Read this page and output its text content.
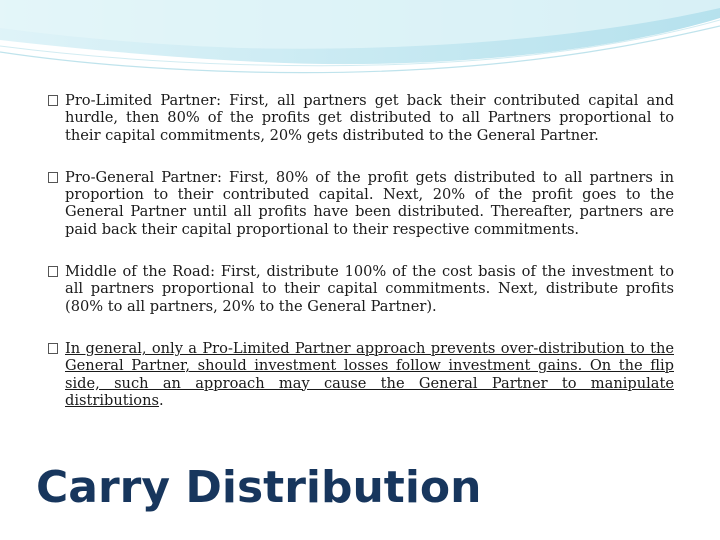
Pro-Limited Partner: First, all partners get back their contributed capital and hurdle, then 80% of the profits get distributed to all Partners proportional to their capital commitments, 20% gets distributed to the General Partner.
Pro-General Partner: First, 80% of the profit gets distributed to all partners in proportion to their contributed capital. Next, 20% of the profit goes to the General Partner until all profits have been distributed. Thereafter, partners are paid back their capital proportional to their respective commitments.
Middle of the Road: First, distribute 100% of the cost basis of the investment to all partners proportional to their capital commitments. Next, distribute profits (80% to all partners, 20% to the General Partner).
In general, only a Pro-Limited Partner approach prevents over-distribution to the General Partner, should investment losses follow investment gains. On the flip side, such an approach may cause the General Partner to manipulate distributions.
Carry Distribution
